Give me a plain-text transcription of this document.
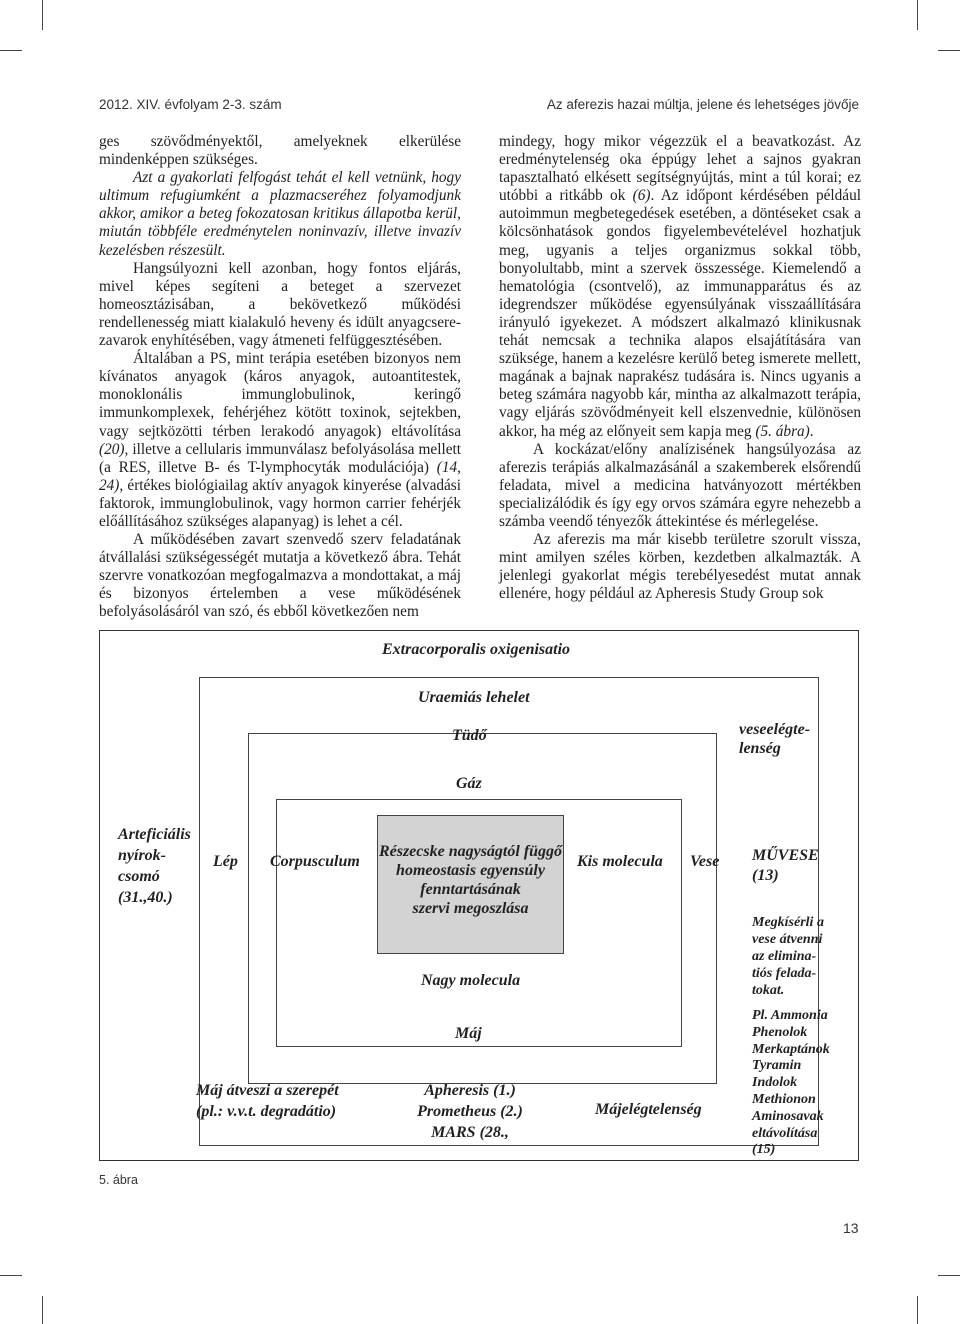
2012. XIV. évfolyam 2-3. szám	Az aferezis hazai múltja, jelene és lehetséges jövője

ges szövődményektől, amelyeknek elkerülése mindenképpen szükséges.

Azt a gyakorlati felfogást tehát el kell vetnünk, hogy ultimum refugiumként a plazmacseréhez folyamodjunk akkor, amikor a beteg fokozatosan kritikus állapotba kerül, miután többféle eredménytelen noninvazív, illetve invazív kezelésben részesült.

Hangsúlyozni kell azonban, hogy fontos eljárás, mivel képes segíteni a beteget a szervezet homeosztázisában, a bekövetkező működési rendellenesség miatt kialakuló heveny és idült anyagcsere-zavarok enyhítésében, vagy átmeneti felfüggesztésében.

Általában a PS, mint terápia esetében bizonyos nem kívánatos anyagok (káros anyagok, autoantitestek, monoklonális immunglobulinok, keringő immunkomplexek, fehérjéhez kötött toxinok, sejtekben, vagy sejtközötti térben lerakodó anyagok) eltávolítása (20), illetve a cellularis immunválasz befolyásolása mellett (a RES, illetve B- és T-lymphocyták modulációja) (14, 24), értékes biológiailag aktív anyagok kinyerése (alvadási faktorok, immunglobulinok, vagy hormon carrier fehérjék előállításához szükséges alapanyag) is lehet a cél.

A működésében zavart szenvedő szerv feladatának átvállalási szükségességét mutatja a következő ábra. Tehát szervre vonatkozóan megfogalmazva a mondottakat, a máj és bizonyos értelemben a vese működésének befolyásolásáról van szó, és ebből következően nem

mindegy, hogy mikor végezzük el a beavatkozást. Az eredménytelenség oka éppúgy lehet a sajnos gyakran tapasztalható elkésett segítségnyújtás, mint a túl korai; ez utóbbi a ritkább ok (6). Az időpont kérdésében például autoimmun megbetegedések esetében, a döntéseket csak a kölcsönhatások gondos figyelembevételével hozhatjuk meg, ugyanis a teljes organizmus sokkal több, bonyolultabb, mint a szervek összessége. Kiemelendő a hematológia (csontvelő), az immunapparátus és az idegrendszer működése egyensúlyának visszaállítására irányuló igyekezet. A módszert alkalmazó klinikusnak tehát nemcsak a technika alapos elsajátítására van szüksége, hanem a kezelésre kerülő beteg ismerete mellett, magának a bajnak naprakész tudására is. Nincs ugyanis a beteg számára nagyobb kár, mintha az alkalmazott terápia, vagy eljárás szövődményeit kell elszenvednie, különösen akkor, ha még az előnyeit sem kapja meg (5. ábra).

A kockázat/előny analízisének hangsúlyozása az aferezis terápiás alkalmazásánál a szakemberek elsőrendű feladata, mivel a medicina hatványozott mértékben specializálódik és így egy orvos számára egyre nehezebb a számba veendő tényezők áttekintése és mérlegelése.

Az aferezis ma már kisebb területre szorult vissza, mint amilyen széles körben, kezdetben alkalmazták. A jelenlegi gyakorlat mégis terebélyesedést mutat annak ellenére, hogy például az Apheresis Study Group sok

Extracorporalis oxigenisatio
Uraemiás lehelet
Tüdő	veseelégte-
lenség
Gáz
Arteficiális
nyírok-
csomó
(31.,40.)
Lép Corpusculum
Részecske nagyságtól függő
homeostasis egyensúly
fenntartásának
szervi megoszlása
Kis molecula Vese MŰVESE
(13)
Megkísérli a
vese átvenni
az elimina-
tiós felada-
tokat.
Nagy molecula
Máj
Pl. Ammonia
Phenolok
Merkaptánok
Tyramin
Indolok
Methionon
Aminosavak
eltávolítása
(15)
Máj átveszi a szerepét
(pl.: v.v.t. degradátio)
Apheresis (1.)
Prometheus (2.)
MARS (28.,
Májelégtelenség
5. ábra
13
